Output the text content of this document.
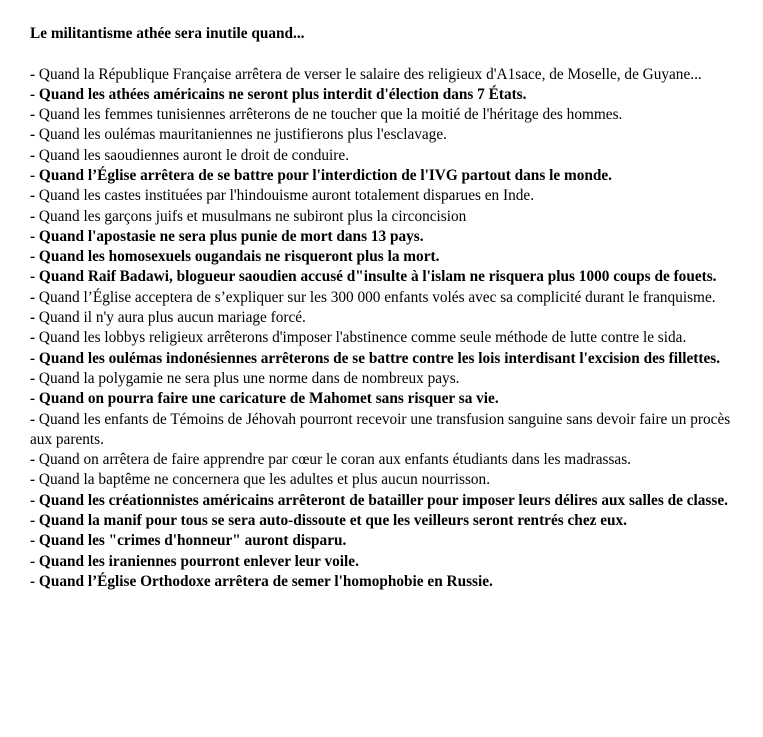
Le militantisme athée sera inutile quand...
- Quand la République Française arrêtera de verser le salaire des religieux d'A1sace, de Moselle, de Guyane...
- Quand les athées américains ne seront plus interdit d'élection dans 7 États.
- Quand les femmes tunisiennes arrêterons de ne toucher que la moitié de l'héritage des hommes.
- Quand les oulémas mauritaniennes ne justifierons plus l'esclavage.
- Quand les saoudiennes auront le droit de conduire.
- Quand l’Église arrêtera de se battre pour l'interdiction de l'IVG partout dans le monde.
- Quand les castes instituées par l'hindouisme auront totalement disparues en Inde.
- Quand les garçons juifs et musulmans ne subiront plus la circoncision
- Quand l'apostasie ne sera plus punie de mort dans 13 pays.
- Quand les homosexuels ougandais ne risqueront plus la mort.
- Quand Raif Badawi, blogueur saoudien accusé d"insulte à l'islam ne risquera plus 1000 coups de fouets.
- Quand l’Église acceptera de s’expliquer sur les 300 000 enfants volés avec sa complicité durant le franquisme.
- Quand il n'y aura plus aucun mariage forcé.
- Quand les lobbys religieux arrêterons d'imposer l'abstinence comme seule méthode de lutte contre le sida.
- Quand les oulémas indonésiennes arrêterons de se battre contre les lois interdisant l'excision des fillettes.
- Quand la polygamie ne sera plus une norme dans de nombreux pays.
- Quand on pourra faire une caricature de Mahomet sans risquer sa vie.
- Quand les enfants de Témoins de Jéhovah pourront recevoir une transfusion sanguine sans devoir faire un procès aux parents.
- Quand on arrêtera de faire apprendre par cœur le coran aux enfants étudiants dans les madrassas.
- Quand la baptême ne concernera que les adultes et plus aucun nourrisson.
- Quand les créationnistes américains arrêteront de batailler pour imposer leurs délires aux salles de classe.
- Quand la manif pour tous se sera auto-dissoute et que les veilleurs seront rentrés chez eux.
- Quand les "crimes d'honneur" auront disparu.
- Quand les iraniennes pourront enlever leur voile.
- Quand l’Église Orthodoxe arrêtera de semer l'homophobie en Russie.
